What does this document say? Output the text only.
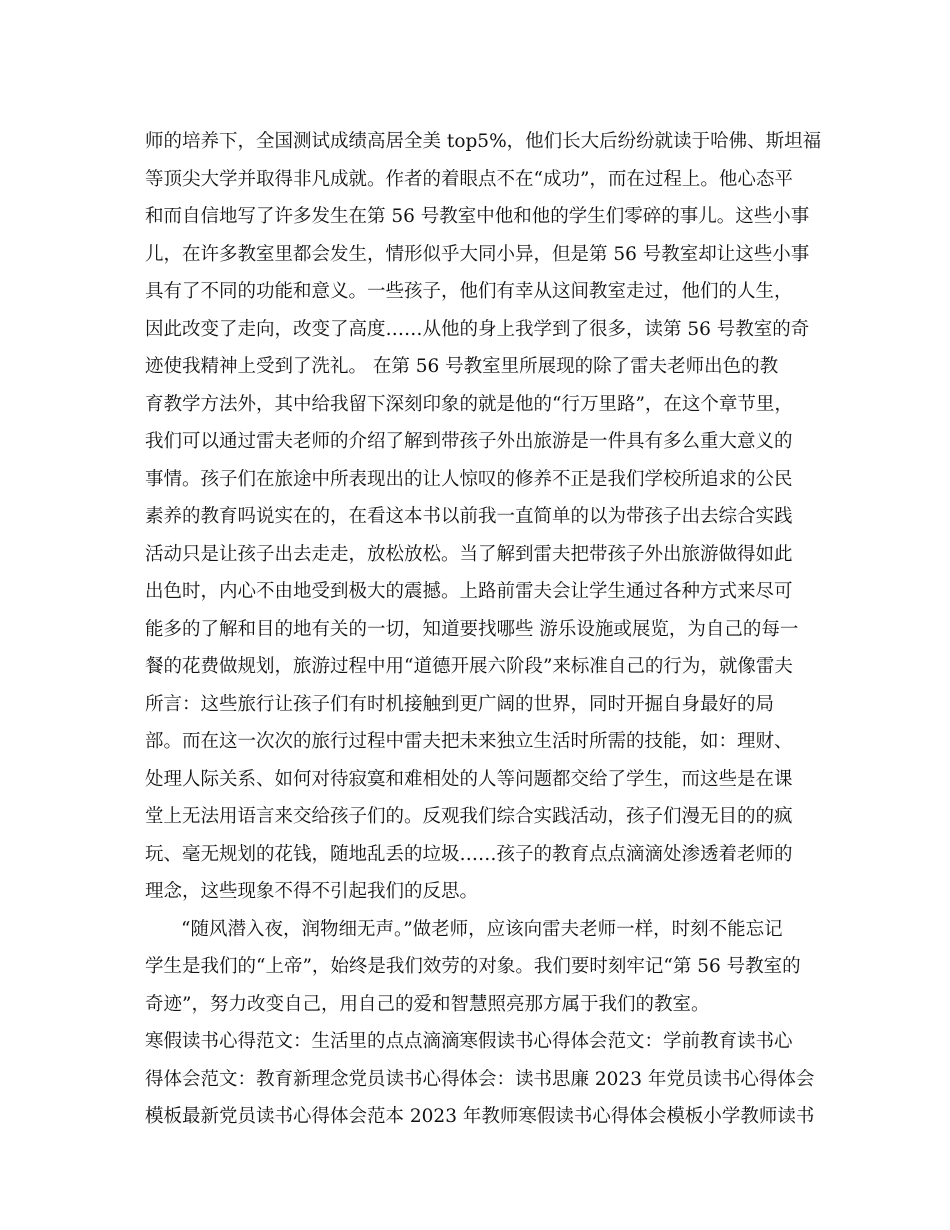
师的培养下，全国测试成绩高居全美 top5%，他们长大后纷纷就读于哈佛、斯坦福
等顶尖大学并取得非凡成就。作者的着眼点不在“成功”，而在过程上。他心态平
和而自信地写了许多发生在第 56 号教室中他和他的学生们零碎的事儿。这些小事
儿，在许多教室里都会发生，情形似乎大同小异，但是第 56 号教室却让这些小事
具有了不同的功能和意义。一些孩子，他们有幸从这间教室走过，他们的人生，
因此改变了走向，改变了高度……从他的身上我学到了很多，读第 56 号教室的奇
迹使我精神上受到了洗礼。 在第 56 号教室里所展现的除了雷夫老师出色的教
育教学方法外，其中给我留下深刻印象的就是他的“行万里路”，在这个章节里，
我们可以通过雷夫老师的介绍了解到带孩子外出旅游是一件具有多么重大意义的
事情。孩子们在旅途中所表现出的让人惊叹的修养不正是我们学校所追求的公民
素养的教育吗说实在的，在看这本书以前我一直简单的以为带孩子出去综合实践
活动只是让孩子出去走走，放松放松。当了解到雷夫把带孩子外出旅游做得如此
出色时，内心不由地受到极大的震撼。上路前雷夫会让学生通过各种方式来尽可
能多的了解和目的地有关的一切，知道要找哪些 游乐设施或展览，为自己的每一
餐的花费做规划，旅游过程中用“道德开展六阶段”来标准自己的行为，就像雷夫
所言：这些旅行让孩子们有时机接触到更广阔的世界，同时开掘自身最好的局
部。而在这一次次的旅行过程中雷夫把未来独立生活时所需的技能，如：理财、
处理人际关系、如何对待寂寞和难相处的人等问题都交给了学生，而这些是在课
堂上无法用语言来交给孩子们的。反观我们综合实践活动，孩子们漫无目的的疯
玩、毫无规划的花钱，随地乱丢的垃圾……孩子的教育点点滴滴处渗透着老师的
理念，这些现象不得不引起我们的反思。
“随风潜入夜，润物细无声。”做老师，应该向雷夫老师一样，时刻不能忘记
学生是我们的“上帝”，始终是我们效劳的对象。我们要时刻牢记“第 56 号教室的
奇迹”，努力改变自己，用自己的爱和智慧照亮那方属于我们的教室。
寒假读书心得范文：生活里的点点滴滴寒假读书心得体会范文：学前教育读书心
得体会范文：教育新理念党员读书心得体会：读书思廉 2023 年党员读书心得体会
模板最新党员读书心得体会范本 2023 年教师寒假读书心得体会模板小学教师读书
